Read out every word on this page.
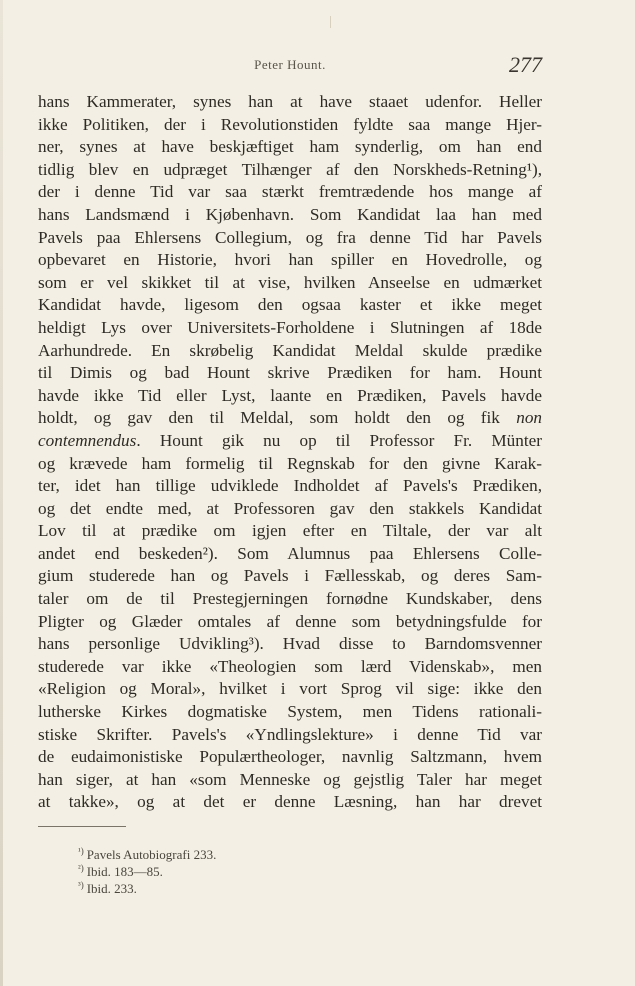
Peter Hount.	277
hans Kammerater, synes han at have staaet udenfor. Heller
ikke Politiken, der i Revolutionstiden fyldte saa mange Hjer-
ner, synes at have beskjæftiget ham synderlig, om han end
tidlig blev en udpræget Tilhænger af den Norskheds-Retning¹),
der i denne Tid var saa stærkt fremtrædende hos mange af
hans Landsmænd i Kjøbenhavn. Som Kandidat laa han med
Pavels paa Ehlersens Collegium, og fra denne Tid har Pavels
opbevaret en Historie, hvori han spiller en Hovedrolle, og
som er vel skikket til at vise, hvilken Anseelse en udmærket
Kandidat havde, ligesom den ogsaa kaster et ikke meget
heldigt Lys over Universitets-Forholdene i Slutningen af 18de
Aarhundrede. En skrøbelig Kandidat Meldal skulde prædike
til Dimis og bad Hount skrive Prædiken for ham. Hount
havde ikke Tid eller Lyst, laante en Prædiken, Pavels havde
holdt, og gav den til Meldal, som holdt den og fik non
contemnendus. Hount gik nu op til Professor Fr. Münter
og krævede ham formelig til Regnskab for den givne Karak-
ter, idet han tillige udviklede Indholdet af Pavels's Prædiken,
og det endte med, at Professoren gav den stakkels Kandidat
Lov til at prædike om igjen efter en Tiltale, der var alt
andet end beskeden²). Som Alumnus paa Ehlersens Colle-
gium studerede han og Pavels i Fællesskab, og deres Sam-
taler om de til Prestegjerningen fornødne Kundskaber, dens
Pligter og Glæder omtales af denne som betydningsfulde for
hans personlige Udvikling³). Hvad disse to Barndomsvenner
studerede var ikke «Theologien som lærd Videnskab», men
«Religion og Moral», hvilket i vort Sprog vil sige: ikke den
lutherske Kirkes dogmatiske System, men Tidens rationali-
stiske Skrifter. Pavels's «Yndlingslekture» i denne Tid var
de eudaimonistiske Populærtheologer, navnlig Saltzmann, hvem
han siger, at han «som Menneske og gejstlig Taler har meget
at takke», og at det er denne Læsning, han har drevet
$^{^1)}$ Pavels Autobiografi 233.
$^{^2)}$ Ibid. 183—85.
$^{^3)}$ Ibid. 233.
